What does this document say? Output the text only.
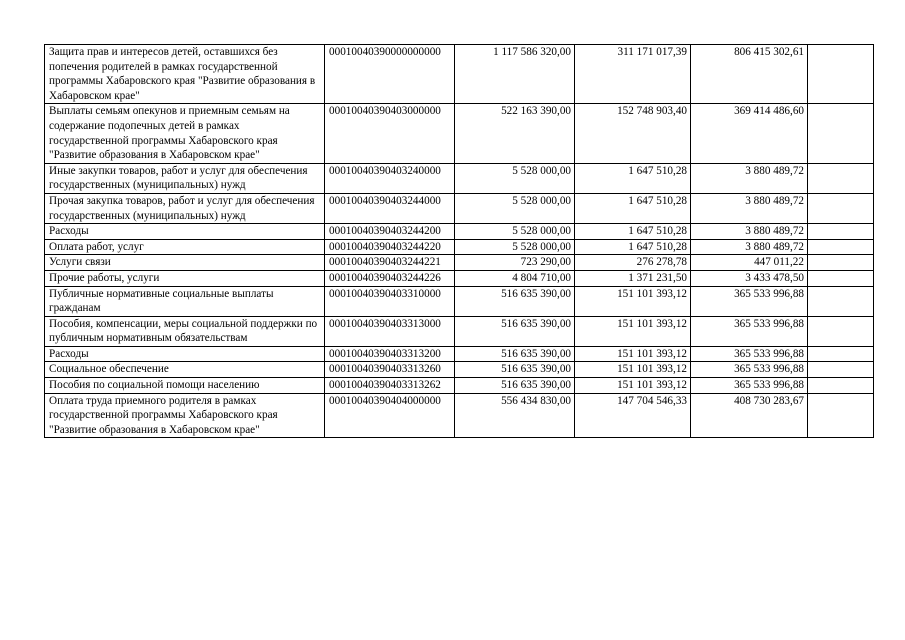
Защита прав и интересов детей, оставшихся без попечения родителей в рамках государственной программы Хабаровского края "Развитие образования в Хабаровском крае"	00010040390000000000	1 117 586 320,00	311 171 017,39	806 415 302,61	
Выплаты семьям опекунов и приемным семьям на содержание подопечных детей в рамках государственной программы Хабаровского края "Развитие образования в Хабаровском крае"	00010040390403000000	522 163 390,00	152 748 903,40	369 414 486,60	
Иные закупки товаров, работ и услуг для обеспечения государственных (муниципальных) нужд	00010040390403240000	5 528 000,00	1 647 510,28	3 880 489,72	
Прочая закупка товаров, работ и услуг для обеспечения государственных (муниципальных) нужд	00010040390403244000	5 528 000,00	1 647 510,28	3 880 489,72	
Расходы	00010040390403244200	5 528 000,00	1 647 510,28	3 880 489,72	
Оплата работ, услуг	00010040390403244220	5 528 000,00	1 647 510,28	3 880 489,72	
Услуги связи	00010040390403244221	723 290,00	276 278,78	447 011,22	
Прочие работы, услуги	00010040390403244226	4 804 710,00	1 371 231,50	3 433 478,50	
Публичные нормативные социальные выплаты гражданам	00010040390403310000	516 635 390,00	151 101 393,12	365 533 996,88	
Пособия, компенсации, меры социальной поддержки по публичным нормативным обязательствам	00010040390403313000	516 635 390,00	151 101 393,12	365 533 996,88	
Расходы	00010040390403313200	516 635 390,00	151 101 393,12	365 533 996,88	
Социальное обеспечение	00010040390403313260	516 635 390,00	151 101 393,12	365 533 996,88	
Пособия по социальной помощи населению	00010040390403313262	516 635 390,00	151 101 393,12	365 533 996,88	
Оплата труда приемного родителя в рамках государственной программы Хабаровского края "Развитие образования в Хабаровском крае"	00010040390404000000	556 434 830,00	147 704 546,33	408 730 283,67	
